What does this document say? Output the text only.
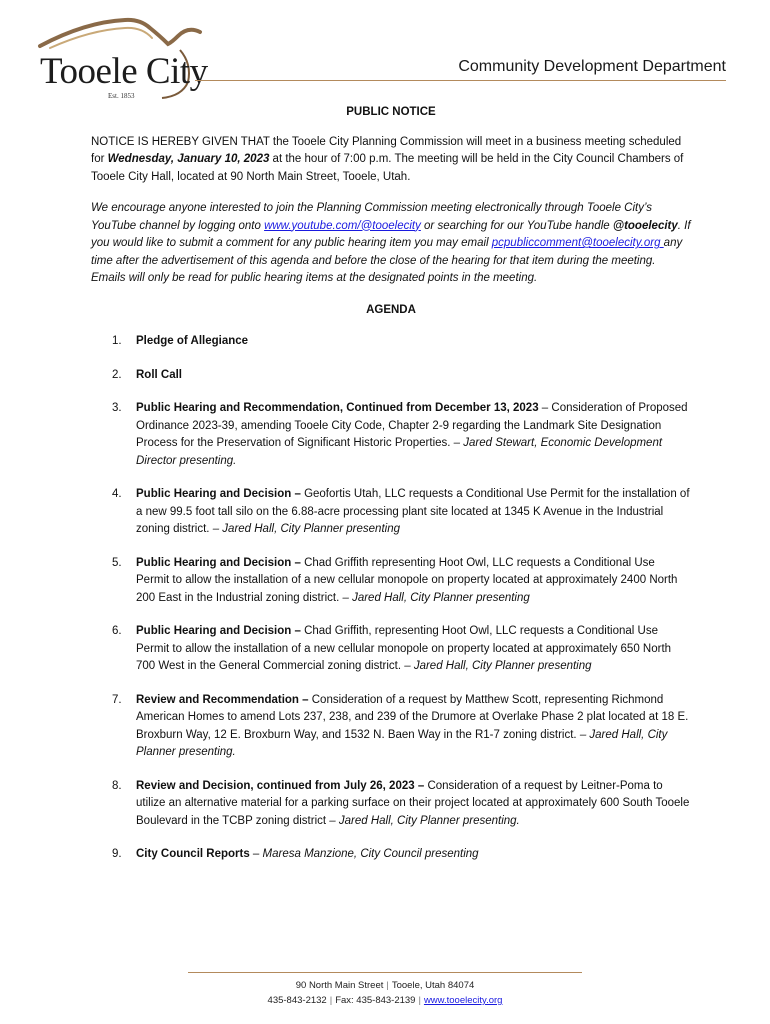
Tooele City
Est. 1853
Community Development Department
PUBLIC NOTICE

NOTICE IS HEREBY GIVEN THAT the Tooele City Planning Commission will meet in a business meeting scheduled for Wednesday, January 10, 2023 at the hour of 7:00 p.m. The meeting will be held in the City Council Chambers of Tooele City Hall, located at 90 North Main Street, Tooele, Utah.

We encourage anyone interested to join the Planning Commission meeting electronically through Tooele City’s YouTube channel by logging onto www.youtube.com/@tooelecity or searching for our YouTube handle @tooelecity. If you would like to submit a comment for any public hearing item you may email pcpubliccomment@tooelecity.org any time after the advertisement of this agenda and before the close of the hearing for that item during the meeting. Emails will only be read for public hearing items at the designated points in the meeting.

AGENDA
1.	Pledge of Allegiance
2.	Roll Call
3.	Public Hearing and Recommendation, Continued from December 13, 2023 – Consideration of Proposed Ordinance 2023-39, amending Tooele City Code, Chapter 2-9 regarding the Landmark Site Designation Process for the Preservation of Significant Historic Properties. – Jared Stewart, Economic Development Director presenting.
4.	Public Hearing and Decision – Geofortis Utah, LLC requests a Conditional Use Permit for the installation of a new 99.5 foot tall silo on the 6.88-acre processing plant site located at 1345 K Avenue in the Industrial zoning district. – Jared Hall, City Planner presenting
5.	Public Hearing and Decision – Chad Griffith representing Hoot Owl, LLC requests a Conditional Use Permit to allow the installation of a new cellular monopole on property located at approximately 2400 North 200 East in the Industrial zoning district. – Jared Hall, City Planner presenting
6.	Public Hearing and Decision – Chad Griffith, representing Hoot Owl, LLC requests a Conditional Use Permit to allow the installation of a new cellular monopole on property located at approximately 650 North 700 West in the General Commercial zoning district. – Jared Hall, City Planner presenting
7.	Review and Recommendation – Consideration of a request by Matthew Scott, representing Richmond American Homes to amend Lots 237, 238, and 239 of the Drumore at Overlake Phase 2 plat located at 18 E. Broxburn Way, 12 E. Broxburn Way, and 1532 N. Baen Way in the R1-7 zoning district. – Jared Hall, City Planner presenting.
8.	Review and Decision, continued from July 26, 2023 – Consideration of a request by Leitner-Poma to utilize an alternative material for a parking surface on their project located at approximately 600 South Tooele Boulevard in the TCBP zoning district – Jared Hall, City Planner presenting.
9.	City Council Reports – Maresa Manzione, City Council presenting
90 North Main Street | Tooele, Utah 84074
435-843-2132 | Fax: 435-843-2139 | www.tooelecity.org
